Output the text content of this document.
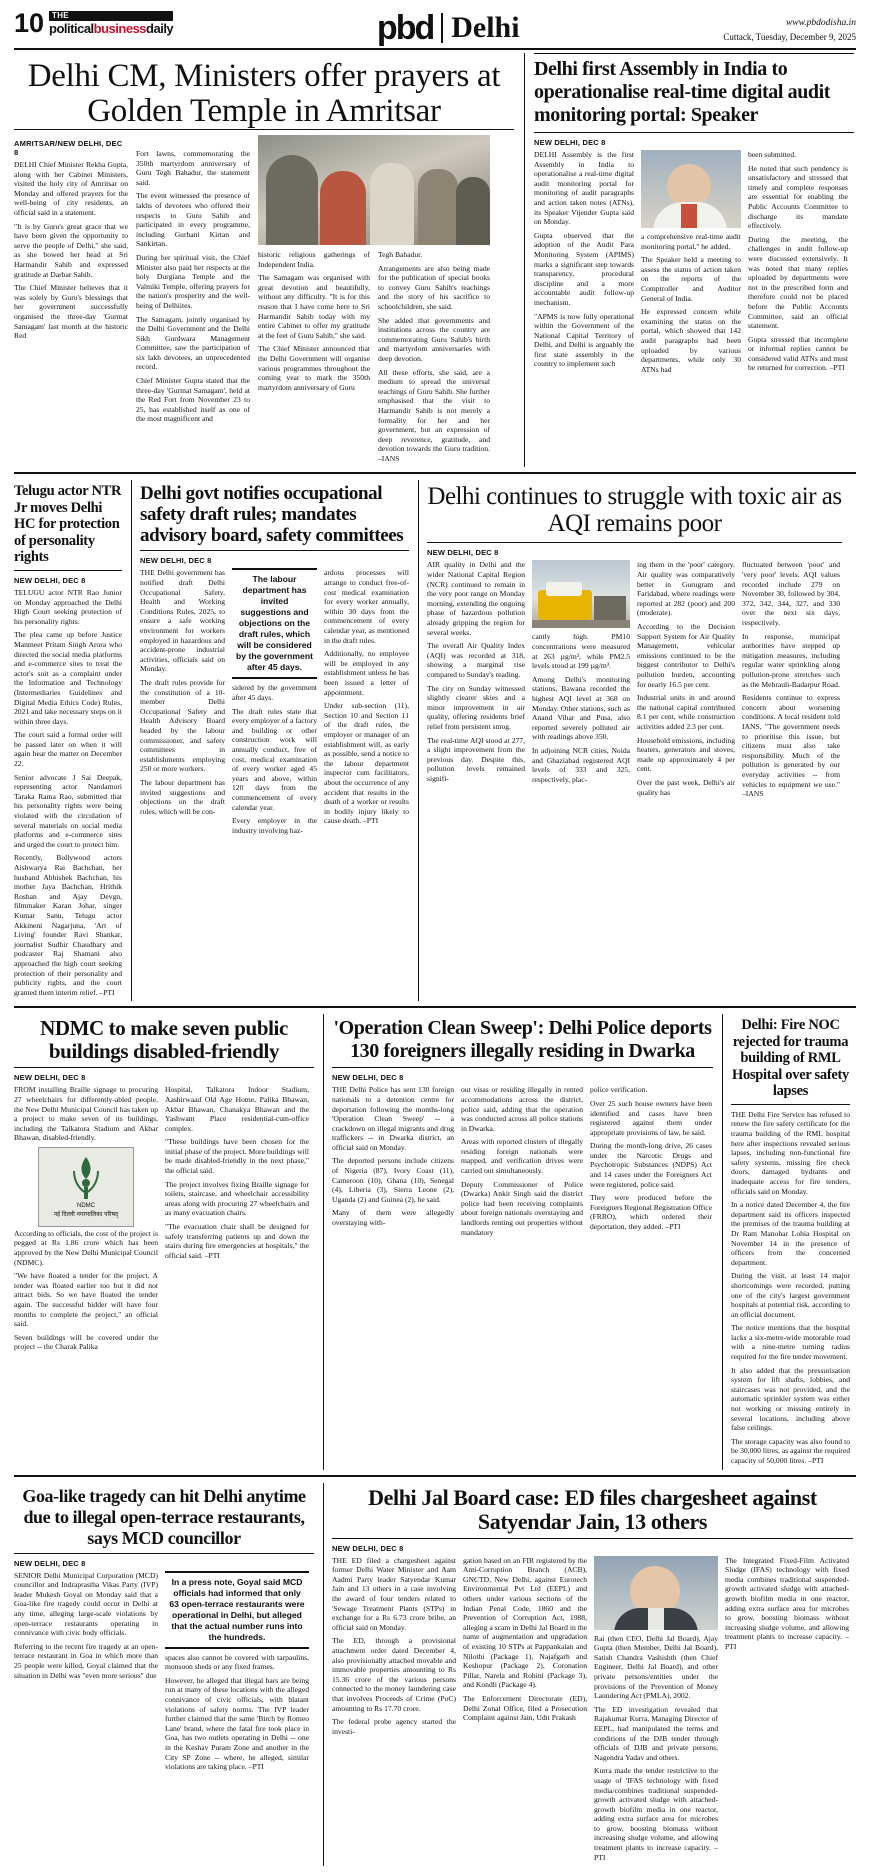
10	THE
politicalbusinessdaily	pbd Delhi	www.pbdodisha.in
Cuttack, Tuesday, December 9, 2025
Delhi CM, Ministers offer prayers at Golden Temple in Amritsar
AMRITSAR/NEW DELHI, DEC 8

DELHI Chief Minister Rekha Gupta, along with her Cabinet Ministers, visited the holy city of Amritsar on Monday and offered prayers for the well-being of city residents, an official said in a statement.

"It is by Guru's great grace that we have been given the opportunity to serve the people of Delhi," she said, as she bowed her head at Sri Harmandir Sahib and expressed gratitude at Darbar Sahib.

The Chief Minister believes that it was solely by Guru's blessings that her government successfully organised the three-day 'Gurmat Samagam' last month at the historic Red

Fort lawns, commemorating the 350th martyrdom anniversary of Guru Tegh Bahadur, the statement said.

The event witnessed the presence of lakhs of devotees who offered their respects to Guru Sahib and participated in every programme, including Gurbani Kirtan and Sankirtan.

During her spiritual visit, the Chief Minister also paid her respects at the holy Durgiana Temple and the Valmiki Temple, offering prayers for the nation's prosperity and the well-being of Delhiites.

The Samagam, jointly organised by the Delhi Government and the Delhi Sikh Gurdwara Management Committee, saw the participation of six lakh devotees, an unprecedented record.

Chief Minister Gupta stated that the three-day 'Gurmat Samagam', held at the Red Fort from November 23 to 25, has established itself as one of the most magnificent and

historic religious gatherings of Independent India.

The Samagam was organised with great devotion and beautifully, without any difficulty. "It is for this reason that I have come here to Sri Harmandir Sahib today with my entire Cabinet to offer my gratitude at the feet of Guru Sahib," she said.

The Chief Minister announced that the Delhi Government will organise various programmes throughout the coming year to mark the 350th martyrdom anniversary of Guru

Tegh Bahadur.

Arrangements are also being made for the publication of special books to convey Guru Sahib's teachings and the story of his sacrifice to schoolchildren, she said.

She added that governments and institutions across the country are commemorating Guru Sahib's birth and martyrdom anniversaries with deep devotion.

All these efforts, she said, are a medium to spread the universal teachings of Guru Sahib. She further emphasised that the visit to Harmandir Sahib is not merely a formality for her and her government, but an expression of deep reverence, gratitude, and devotion towards the Guru tradition. –IANS

Delhi first Assembly in India to operationalise real-time digital audit monitoring portal: Speaker
NEW DELHI, DEC 8

DELHI Assembly is the first Assembly in India to operationalise a real-time digital audit monitoring portal for monitoring of audit paragraphs and action taken notes (ATNs), its Speaker Vijender Gupta said on Monday.

Gupta observed that the adoption of the Audit Para Monitoring System (APIMS) marks a significant step towards transparency, procedural discipline and a more accountable audit follow-up mechanism.

"APMS is now fully operational within the Government of the National Capital Territory of Delhi, and Delhi is arguably the first state assembly in the country to implement such

a comprehensive real-time audit monitoring portal," he added.

The Speaker held a meeting to assess the status of action taken on the reports of the Comptroller and Auditor General of India.

He expressed concern while examining the status on the portal, which showed that 142 audit paragraphs had been uploaded by various departments, while only 30 ATNs had

been submitted.

He noted that such pendency is unsatisfactory and stressed that timely and complete responses are essential for enabling the Public Accounts Committee to discharge its mandate effectively.

During the meeting, the challenges in audit follow-up were discussed extensively. It was noted that many replies uploaded by departments were not in the prescribed form and therefore could not be placed before the Public Accounts Committee, said an official statement.

Gupta stressed that incomplete or informal replies cannot be considered valid ATNs and must be returned for correction. –PTI

Telugu actor NTR Jr moves Delhi HC for protection of personality rights
NEW DELHI, DEC 8

TELUGU actor NTR Rao Junior on Monday approached the Delhi High Court seeking protection of his personality rights.

The plea came up before Justice Manmeet Pritam Singh Arora who directed the social media platforms and e-commerce sites to treat the actor's suit as a complaint under the Information and Technology (Intermediaries Guidelines and Digital Media Ethics Code) Rules, 2021 and take necessary steps on it within three days.

The court said a formal order will be passed later on when it will again hear the matter on December 22.

Senior advocate J Sai Deepak, representing actor Nandamuri Taraka Rama Rao, submitted that his personality rights were being violated with the circulation of several materials on social media platforms and e-commerce sites and urged the court to protect him.

Recently, Bollywood actors Aishwarya Rai Bachchan, her husband Abhishek Bachchan, his mother Jaya Bachchan, Hrithik Roshan and Ajay Devgn, filmmaker Karan Johar, singer Kumar Sanu, Telugu actor Akkineni Nagarjuna, 'Art of Living' founder Ravi Shankar, journalist Sudhir Chaudhary and podcaster Raj Shamani also approached the high court seeking protection of their personality and publicity rights, and the court granted them interim relief. –PTI

Delhi govt notifies occupational safety draft rules; mandates advisory board, safety committees
NEW DELHI, DEC 8

THE Delhi government has notified draft Delhi Occupational Safety, Health and Working Conditions Rules, 2025, to ensure a safe working environment for workers employed in hazardous and accident-prone industrial activities, officials said on Monday.

The draft rules provide for the constitution of a 10-member Delhi Occupational Safety and Health Advisory Board headed by the labour commissioner, and safety committees in establishments employing 250 or more workers.

The labour department has invited suggestions and objections on the draft rules, which will be con-

The labour department has invited suggestions and objections on the draft rules, which will be considered by the government after 45 days.

sidered by the government after 45 days.

The draft rules state that every employer of a factory and building or other construction work will annually conduct, free of cost, medical examination of every worker aged 45 years and above, within 120 days from the commencement of every calendar year.

Every employer in the industry involving haz-

ardous processes will arrange to conduct free-of-cost medical examination for every worker annually, within 30 days from the commencement of every calendar year, as mentioned in the draft rules.

Additionally, no employee will be employed in any establishment unless he has been issued a letter of appointment.

Under sub-section (11), Section 10 and Section 11 of the draft rules, the employer or manager of an establishment will, as early as possible, send a notice to the labour department inspector cum facilitators, about the occurrence of any accident that results in the death of a worker or results in bodily injury likely to cause death. –PTI

Delhi continues to struggle with toxic air as AQI remains poor
NEW DELHI, DEC 8

AIR quality in Delhi and the wider National Capital Region (NCR) continued to remain in the very poor range on Monday morning, extending the ongoing phase of hazardous pollution already gripping the region for several weeks.

The overall Air Quality Index (AQI) was recorded at 318, showing a marginal rise compared to Sunday's reading.

The city on Sunday witnessed slightly clearer skies and a minor improvement in air quality, offering residents brief relief from persistent smog.

The real-time AQI stood at 277, a slight improvement from the previous day. Despite this, pollution levels remained signifi-

cantly high. PM10 concentrations were measured at 263 µg/m³, while PM2.5 levels stood at 199 µg/m³.

Among Delhi's monitoring stations, Bawana recorded the highest AQI level at 368 on Monday. Other stations, such as Anand Vihar and Pusa, also reported severely polluted air with readings above 350.

In adjoining NCR cities, Noida and Ghaziabad registered AQI levels of 333 and 325, respectively, plac-

ing them in the 'poor' category. Air quality was comparatively better in Gurugram and Faridabad, where readings were reported at 282 (poor) and 200 (moderate).

According to the Decision Support System for Air Quality Management, vehicular emissions continued to be the biggest contributor to Delhi's pollution burden, accounting for nearly 16.5 per cent.

Industrial units in and around the national capital contributed 8.1 per cent, while construction activities added 2.3 per cent.

Household emissions, including heaters, generators and stoves, made up approximately 4 per cent.

Over the past week, Delhi's air quality has

fluctuated between 'poor' and 'very poor' levels. AQI values recorded include 279 on November 30, followed by 304, 372, 342, 344, 327, and 330 over the next six days, respectively.

In response, municipal authorities have stepped up mitigation measures, including regular water sprinkling along pollution-prone stretches such as the Mehrauli-Badarpur Road.

Residents continue to express concern about worsening conditions. A local resident told IANS, "The government needs to prioritise this issue, but citizens must also take responsibility. Much of the pollution is generated by our everyday activities -- from vehicles to equipment we use." –IANS

NDMC to make seven public buildings disabled-friendly
NEW DELHI, DEC 8

FROM installing Braille signage to procuring 27 wheelchairs for differently-abled people, the New Delhi Municipal Council has taken up a project to make seven of its buildings, including the Talkatora Stadium and Akbar Bhawan, disabled-friendly.

NDMC
नई दिल्ली नगरपालिका परिषद्

According to officials, the cost of the project is pegged at Rs 1.86 crore which has been approved by the New Delhi Municipal Council (NDMC).

"We have floated a tender for the project. A tender was floated earlier too but it did not attract bids. So we have floated the tender again. The successful bidder will have four months to complete the project," an official said.

Seven buildings will be covered under the project -- the Charak Palika

Hospital, Talkatora Indoor Stadium, Aashirwaad Old Age Home, Palika Bhawan, Akbar Bhawan, Chanakya Bhawan and the Yashwant Place residential-cum-office complex.

"These buildings have been chosen for the initial phase of the project. More buildings will be made disabled-friendly in the next phase," the official said.

The project involves fixing Braille signage for toilets, staircase, and wheelchair accessibility areas along with procuring 27 wheelchairs and as many evacuation chairs.

"The evacuation chair shall be designed for safely transferring patients up and down the stairs during fire emergencies at hospitals," the official said. –PTI

'Operation Clean Sweep': Delhi Police deports 130 foreigners illegally residing in Dwarka
NEW DELHI, DEC 8

THE Delhi Police has sent 130 foreign nationals to a detention centre for deportation following the months-long 'Operation Clean Sweep' -- a crackdown on illegal migrants and drug traffickers -- in Dwarka district, an official said on Monday.

The deported persons include citizens of Nigeria (87), Ivory Coast (11), Cameroon (10), Ghana (10), Senegal (4), Liberia (3), Sierra Leone (2), Uganda (2) and Guinea (2), he said.

Many of them were allegedly overstaying with-

out visas or residing illegally in rented accommodations across the district, police said, adding that the operation was conducted across all police stations in Dwarka.

Areas with reported clusters of illegally residing foreign nationals were mapped, and verification drives were carried out simultaneously.

Deputy Commissioner of Police (Dwarka) Ankit Singh said the district police had been receiving complaints about foreign nationals overstaying and landlords renting out properties without mandatory

police verification.

Over 25 such house owners have been identified and cases have been registered against them under appropriate provisions of law, he said.

During the month-long drive, 26 cases under the Narcotic Drugs and Psychotropic Substances (NDPS) Act and 14 cases under the Foreigners Act were registered, police said.

They were produced before the Foreigners Regional Registration Office (FRRO), which ordered their deportation, they added. –PTI

Delhi: Fire NOC rejected for trauma building of RML Hospital over safety lapses

THE Delhi Fire Service has refused to renew the fire safety certificate for the trauma building of the RML hospital here after inspections revealed serious lapses, including non-functional fire safety systems, missing fire check doors, damaged hydrants and inadequate access for fire tenders, officials said on Monday.

In a notice dated December 4, the fire department said its officers inspected the premises of the trauma building at Dr Ram Manohar Lohia Hospital on November 14 in the presence of officers from the concerned department.

During the visit, at least 14 major shortcomings were recorded, putting one of the city's largest government hospitals at potential risk, according to an official document.

The notice mentions that the hospital lacks a six-metre-wide motorable road with a nine-metre turning radius required for the fire tender movement.

It also added that the pressurisation system for lift shafts, lobbies, and staircases was not provided, and the automatic sprinkler system was either not working or missing entirely in several locations, including above false ceilings.

The storage capacity was also found to be 30,000 litres, as against the required capacity of 50,000 litres. –PTI

Goa-like tragedy can hit Delhi anytime due to illegal open-terrace restaurants, says MCD councillor
NEW DELHI, DEC 8

SENIOR Delhi Municipal Corporation (MCD) councillor and Indraprastha Vikas Party (IVP) leader Mukesh Goyal on Monday said that a Goa-like fire tragedy could occur in Delhi at any time, alleging large-scale violations by open-terrace restaurants operating in connivance with civic body officials.

Referring to the recent fire tragedy at an open-terrace restaurant in Goa in which more than 25 people were killed, Goyal claimed that the situation in Delhi was "even more serious" due

In a press note, Goyal said MCD officials had informed that only 63 open-terrace restaurants were operational in Delhi, but alleged that the actual number runs into the hundreds.

spaces also cannot be covered with tarpaulins, monsoon sheds or any fixed frames.

However, he alleged that illegal bars are being run at many of these locations with the alleged connivance of civic officials, with blatant violations of safety norms. The IVP leader further claimed that the same 'Birch by Romeo Lane' brand, where the fatal fire took place in Goa, has two outlets operating in Delhi -- one in the Keshav Puram Zone and another in the City SP Zone -- where, he alleged, similar violations are taking place. –PTI

Delhi Jal Board case: ED files chargesheet against Satyendar Jain, 13 others
NEW DELHI, DEC 8

THE ED filed a chargesheet against former Delhi Water Minister and Aam Aadmi Party leader Satyendar Kumar Jain and 13 others in a case involving the award of four tenders related to 'Sewage Treatment Plants (STPs) in exchange for a Rs 6.73 crore bribe, an official said on Monday.

The ED, through a provisional attachment order dated December 4, also provisionally attached movable and immovable properties amounting to Rs 15.36 crore of the various persons connected to the money laundering case that involves Proceeds of Crime (PoC) amounting to Rs 17.70 crore.

The federal probe agency started the investi-

gation based on an FIR registered by the Anti-Corruption Branch (ACB), GNCTD, New Delhi, against Eurotech Environmental Pvt Ltd (EEPL) and others under various sections of the Indian Penal Code, 1860 and the Prevention of Corruption Act, 1988, alleging a scam in Delhi Jal Board in the name of augmentation and upgradation of existing 10 STPs at Pappankalan and Nilothi (Package 1), Najafgarh and Keshopur (Package 2), Coronation Pillar, Narela and Rohini (Package 3), and Kondli (Package 4).

The Enforcement Directorate (ED), Delhi Zonal Office, filed a Prosecution Complaint against Jain, Udit Prakash

Rai (then CEO, Delhi Jal Board), Ajay Gupta (then Member, Delhi Jal Board), Satish Chandra Vashishth (then Chief Engineer, Delhi Jal Board), and other private persons/entities under the provisions of the Prevention of Money Laundering Act (PMLA), 2002.

The ED investigation revealed that Rajakumar Kurra, Managing Director of EEPL, had manipulated the terms and conditions of the DJB tender through officials of DJB and private persons, Nagendra Yadav and others.

Kurra made the tender restrictive to the usage of 'IFAS technology with fixed media/combines traditional suspended-growth activated sludge with attached-growth biofilm media in one reactor, adding extra surface area for microbes to grow, boosting biomass without increasing sludge volume, and allowing treatment plants to increase capacity. –PTI

The Integrated Fixed-Film Activated Sludge (IFAS) technology with fixed media combines traditional suspended-growth activated sludge with attached-growth biofilm media in one reactor, adding extra surface area for microbes to grow, boosting biomass without increasing sludge volume, and allowing treatment plants to increase capacity. –PTI
